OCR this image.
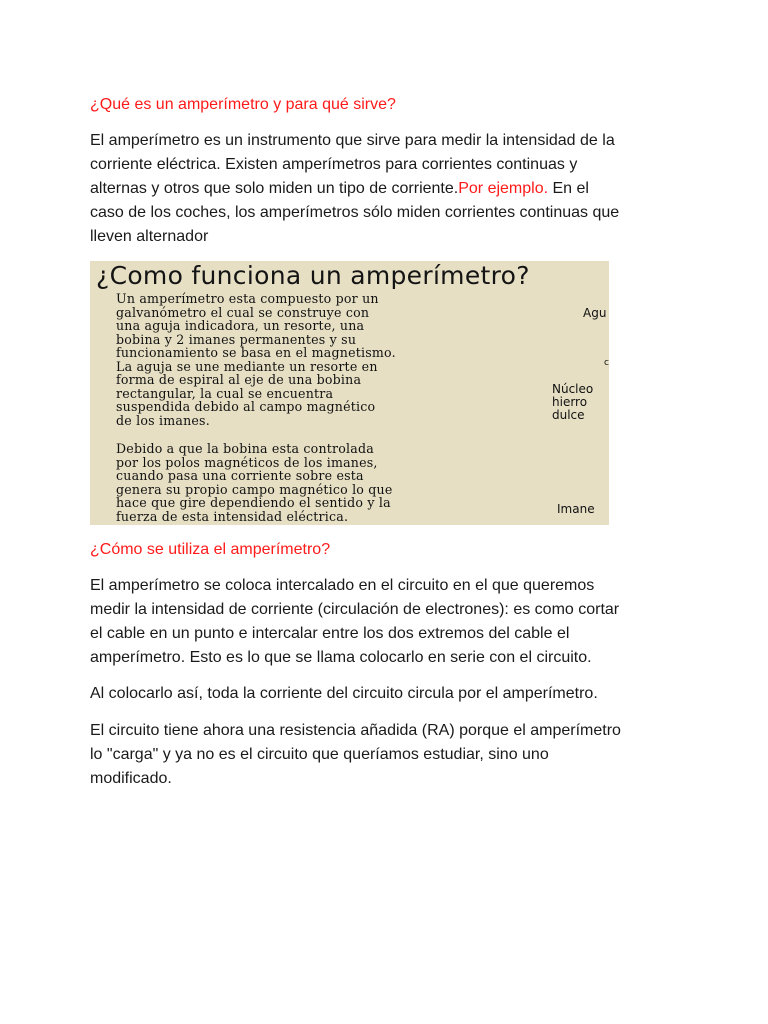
¿Qué es un amperímetro y para qué sirve?

El amperímetro es un instrumento que sirve para medir la intensidad de la
corriente eléctrica. Existen amperímetros para corrientes continuas y
alternas y otros que solo miden un tipo de corriente.Por ejemplo. En el
caso de los coches, los amperímetros sólo miden corrientes continuas que
lleven alternador

¿Como funciona un amperímetro?
Un amperímetro esta compuesto por un
galvanómetro el cual se construye con
una aguja indicadora, un resorte, una
bobina y 2 imanes permanentes y su
funcionamiento se basa en el magnetismo.
La aguja se une mediante un resorte en
forma de espiral al eje de una bobina
rectangular, la cual se encuentra
suspendida debido al campo magnético
de los imanes.
Debido a que la bobina esta controlada
por los polos magnéticos de los imanes,
cuando pasa una corriente sobre esta
genera su propio campo magnético lo que
hace que gire dependiendo el sentido y la
fuerza de esta intensidad eléctrica.
Agu
c
Núcleo
hierro
dulce
Imane
¿Cómo se utiliza el amperímetro?

El amperímetro se coloca intercalado en el circuito en el que queremos
medir la intensidad de corriente (circulación de electrones): es como cortar
el cable en un punto e intercalar entre los dos extremos del cable el
amperímetro. Esto es lo que se llama colocarlo en serie con el circuito.

Al colocarlo así, toda la corriente del circuito circula por el amperímetro.

El circuito tiene ahora una resistencia añadida (RA) porque el amperímetro
lo "carga" y ya no es el circuito que queríamos estudiar, sino uno
modificado.
